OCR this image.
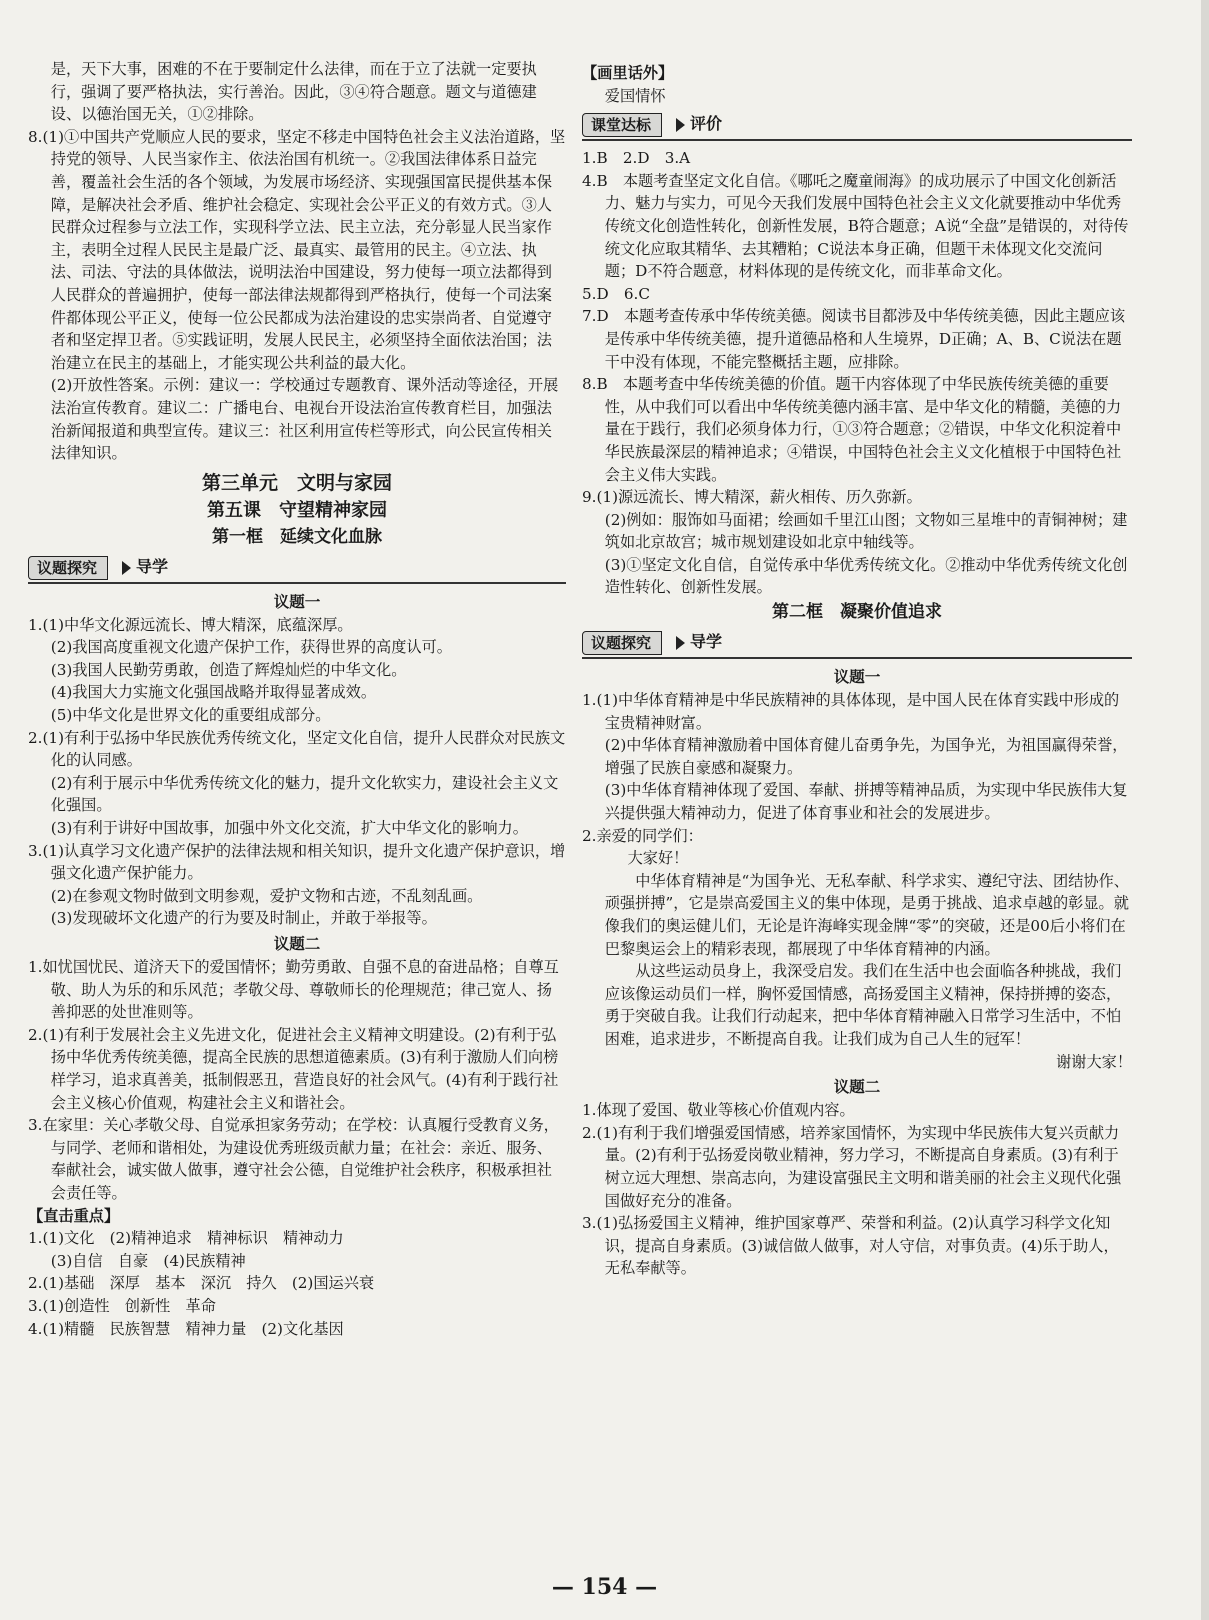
是，天下大事，困难的不在于要制定什么法律，而在于立了法就一定要执行，强调了要严格执法，实行善治。因此，③④符合题意。题文与道德建设、以德治国无关，①②排除。

8.(1)①中国共产党顺应人民的要求，坚定不移走中国特色社会主义法治道路，坚持党的领导、人民当家作主、依法治国有机统一。②我国法律体系日益完善，覆盖社会生活的各个领域，为发展市场经济、实现强国富民提供基本保障，是解决社会矛盾、维护社会稳定、实现社会公平正义的有效方式。③人民群众过程参与立法工作，实现科学立法、民主立法，充分彰显人民当家作主，表明全过程人民民主是最广泛、最真实、最管用的民主。④立法、执法、司法、守法的具体做法，说明法治中国建设，努力使每一项立法都得到人民群众的普遍拥护，使每一部法律法规都得到严格执行，使每一个司法案件都体现公平正义，使每一位公民都成为法治建设的忠实崇尚者、自觉遵守者和坚定捍卫者。⑤实践证明，发展人民民主，必须坚持全面依法治国；法治建立在民主的基础上，才能实现公共利益的最大化。

(2)开放性答案。示例：建议一：学校通过专题教育、课外活动等途径，开展法治宣传教育。建议二：广播电台、电视台开设法治宣传教育栏目，加强法治新闻报道和典型宣传。建议三：社区利用宣传栏等形式，向公民宣传相关法律知识。

第三单元　文明与家园
第五课　守望精神家园
第一框　延续文化血脉
议题探究	导学
议题一

1.(1)中华文化源远流长、博大精深，底蕴深厚。

(2)我国高度重视文化遗产保护工作，获得世界的高度认可。

(3)我国人民勤劳勇敢，创造了辉煌灿烂的中华文化。

(4)我国大力实施文化强国战略并取得显著成效。

(5)中华文化是世界文化的重要组成部分。

2.(1)有利于弘扬中华民族优秀传统文化，坚定文化自信，提升人民群众对民族文化的认同感。

(2)有利于展示中华优秀传统文化的魅力，提升文化软实力，建设社会主义文化强国。

(3)有利于讲好中国故事，加强中外文化交流，扩大中华文化的影响力。

3.(1)认真学习文化遗产保护的法律法规和相关知识，提升文化遗产保护意识，增强文化遗产保护能力。

(2)在参观文物时做到文明参观，爱护文物和古迹，不乱刻乱画。

(3)发现破坏文化遗产的行为要及时制止，并敢于举报等。

议题二

1.如忧国忧民、道济天下的爱国情怀；勤劳勇敢、自强不息的奋进品格；自尊互敬、助人为乐的和乐风范；孝敬父母、尊敬师长的伦理规范；律己宽人、扬善抑恶的处世准则等。

2.(1)有利于发展社会主义先进文化，促进社会主义精神文明建设。(2)有利于弘扬中华优秀传统美德，提高全民族的思想道德素质。(3)有利于激励人们向榜样学习，追求真善美，抵制假恶丑，营造良好的社会风气。(4)有利于践行社会主义核心价值观，构建社会主义和谐社会。

3.在家里：关心孝敬父母、自觉承担家务劳动；在学校：认真履行受教育义务，与同学、老师和谐相处，为建设优秀班级贡献力量；在社会：亲近、服务、奉献社会，诚实做人做事，遵守社会公德，自觉维护社会秩序，积极承担社会责任等。

【直击重点】

1.(1)文化　(2)精神追求　精神标识　精神动力

(3)自信　自豪　(4)民族精神

2.(1)基础　深厚　基本　深沉　持久　(2)国运兴衰

3.(1)创造性　创新性　革命

4.(1)精髓　民族智慧　精神力量　(2)文化基因

【画里话外】

爱国情怀

课堂达标	评价

1.B　2.D　3.A

4.B　本题考查坚定文化自信。《哪吒之魔童闹海》的成功展示了中国文化创新活力、魅力与实力，可见今天我们发展中国特色社会主义文化就要推动中华优秀传统文化创造性转化，创新性发展，B符合题意；A说“全盘”是错误的，对待传统文化应取其精华、去其糟粕；C说法本身正确，但题干未体现文化交流问题；D不符合题意，材料体现的是传统文化，而非革命文化。

5.D　6.C

7.D　本题考查传承中华传统美德。阅读书目都涉及中华传统美德，因此主题应该是传承中华传统美德，提升道德品格和人生境界，D正确；A、B、C说法在题干中没有体现，不能完整概括主题，应排除。

8.B　本题考查中华传统美德的价值。题干内容体现了中华民族传统美德的重要性，从中我们可以看出中华传统美德内涵丰富、是中华文化的精髓，美德的力量在于践行，我们必须身体力行，①③符合题意；②错误，中华文化积淀着中华民族最深层的精神追求；④错误，中国特色社会主义文化植根于中国特色社会主义伟大实践。

9.(1)源远流长、博大精深，薪火相传、历久弥新。

(2)例如：服饰如马面裙；绘画如千里江山图；文物如三星堆中的青铜神树；建筑如北京故宫；城市规划建设如北京中轴线等。

(3)①坚定文化自信，自觉传承中华优秀传统文化。②推动中华优秀传统文化创造性转化、创新性发展。

第二框　凝聚价值追求
议题探究	导学
议题一

1.(1)中华体育精神是中华民族精神的具体体现，是中国人民在体育实践中形成的宝贵精神财富。

(2)中华体育精神激励着中国体育健儿奋勇争先，为国争光，为祖国赢得荣誉，增强了民族自豪感和凝聚力。

(3)中华体育精神体现了爱国、奉献、拼搏等精神品质，为实现中华民族伟大复兴提供强大精神动力，促进了体育事业和社会的发展进步。

2.亲爱的同学们：

大家好！

中华体育精神是“为国争光、无私奉献、科学求实、遵纪守法、团结协作、顽强拼搏”，它是崇高爱国主义的集中体现，是勇于挑战、追求卓越的彰显。就像我们的奥运健儿们，无论是许海峰实现金牌“零”的突破，还是00后小将们在巴黎奥运会上的精彩表现，都展现了中华体育精神的内涵。

从这些运动员身上，我深受启发。我们在生活中也会面临各种挑战，我们应该像运动员们一样，胸怀爱国情感，高扬爱国主义精神，保持拼搏的姿态，勇于突破自我。让我们行动起来，把中华体育精神融入日常学习生活中，不怕困难，追求进步，不断提高自我。让我们成为自己人生的冠军！

谢谢大家！

议题二

1.体现了爱国、敬业等核心价值观内容。

2.(1)有利于我们增强爱国情感，培养家国情怀，为实现中华民族伟大复兴贡献力量。(2)有利于弘扬爱岗敬业精神，努力学习，不断提高自身素质。(3)有利于树立远大理想、崇高志向，为建设富强民主文明和谐美丽的社会主义现代化强国做好充分的准备。

3.(1)弘扬爱国主义精神，维护国家尊严、荣誉和利益。(2)认真学习科学文化知识，提高自身素质。(3)诚信做人做事，对人守信，对事负责。(4)乐于助人，无私奉献等。

— 154 —
